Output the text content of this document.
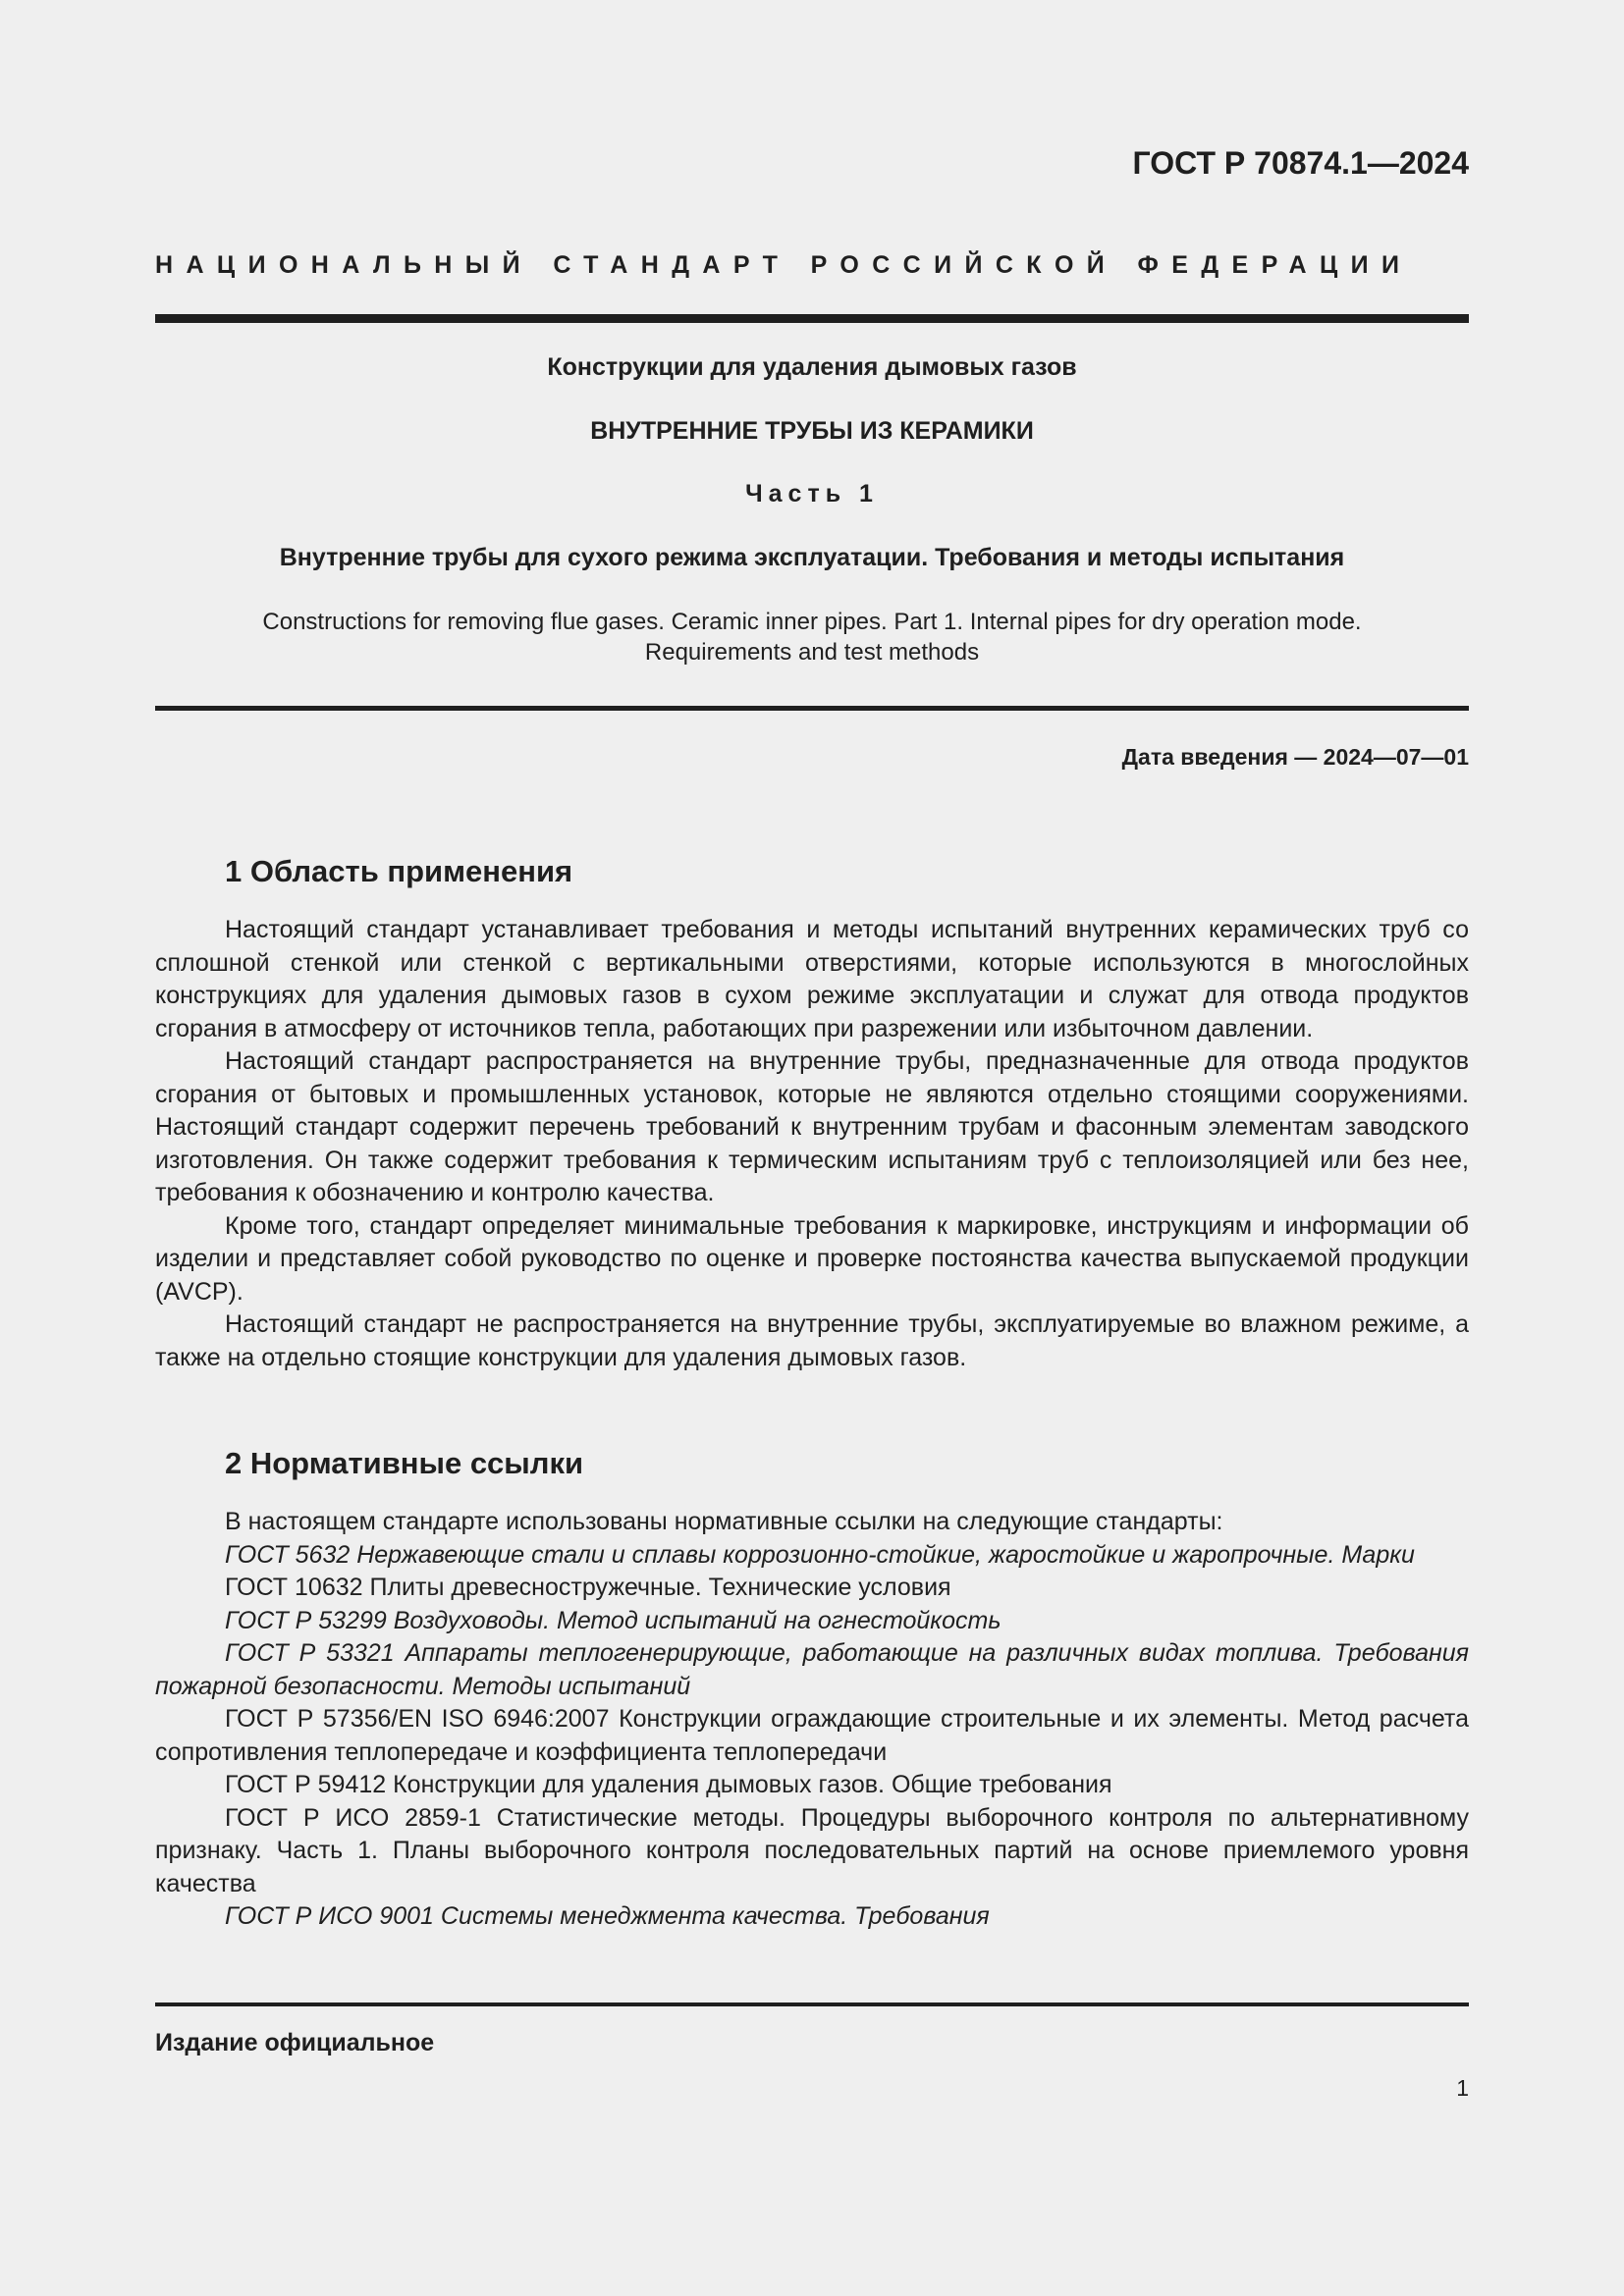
ГОСТ Р 70874.1—2024
НАЦИОНАЛЬНЫЙ СТАНДАРТ РОССИЙСКОЙ ФЕДЕРАЦИИ
Конструкции для удаления дымовых газов
ВНУТРЕННИЕ ТРУБЫ ИЗ КЕРАМИКИ
Часть 1
Внутренние трубы для сухого режима эксплуатации. Требования и методы испытания
Constructions for removing flue gases. Ceramic inner pipes. Part 1. Internal pipes for dry operation mode.
Requirements and test methods
Дата введения — 2024—07—01
1 Область применения

Настоящий стандарт устанавливает требования и методы испытаний внутренних керамических труб со сплошной стенкой или стенкой с вертикальными отверстиями, которые используются в многослойных конструкциях для удаления дымовых газов в сухом режиме эксплуатации и служат для отвода продуктов сгорания в атмосферу от источников тепла, работающих при разрежении или избыточном давлении.

Настоящий стандарт распространяется на внутренние трубы, предназначенные для отвода продуктов сгорания от бытовых и промышленных установок, которые не являются отдельно стоящими сооружениями. Настоящий стандарт содержит перечень требований к внутренним трубам и фасонным элементам заводского изготовления. Он также содержит требования к термическим испытаниям труб с теплоизоляцией или без нее, требования к обозначению и контролю качества.

Кроме того, стандарт определяет минимальные требования к маркировке, инструкциям и информации об изделии и представляет собой руководство по оценке и проверке постоянства качества выпускаемой продукции (AVCP).

Настоящий стандарт не распространяется на внутренние трубы, эксплуатируемые во влажном режиме, а также на отдельно стоящие конструкции для удаления дымовых газов.

2 Нормативные ссылки

В настоящем стандарте использованы нормативные ссылки на следующие стандарты:

ГОСТ 5632 Нержавеющие стали и сплавы коррозионно-стойкие, жаростойкие и жаропрочные. Марки

ГОСТ 10632 Плиты древесностружечные. Технические условия

ГОСТ Р 53299 Воздуховоды. Метод испытаний на огнестойкость

ГОСТ Р 53321 Аппараты теплогенерирующие, работающие на различных видах топлива. Требования пожарной безопасности. Методы испытаний

ГОСТ Р 57356/EN ISO 6946:2007 Конструкции ограждающие строительные и их элементы. Метод расчета сопротивления теплопередаче и коэффициента теплопередачи

ГОСТ Р 59412 Конструкции для удаления дымовых газов. Общие требования

ГОСТ Р ИСО 2859-1 Статистические методы. Процедуры выборочного контроля по альтернативному признаку. Часть 1. Планы выборочного контроля последовательных партий на основе приемлемого уровня качества

ГОСТ Р ИСО 9001 Системы менеджмента качества. Требования

Издание официальное
1
